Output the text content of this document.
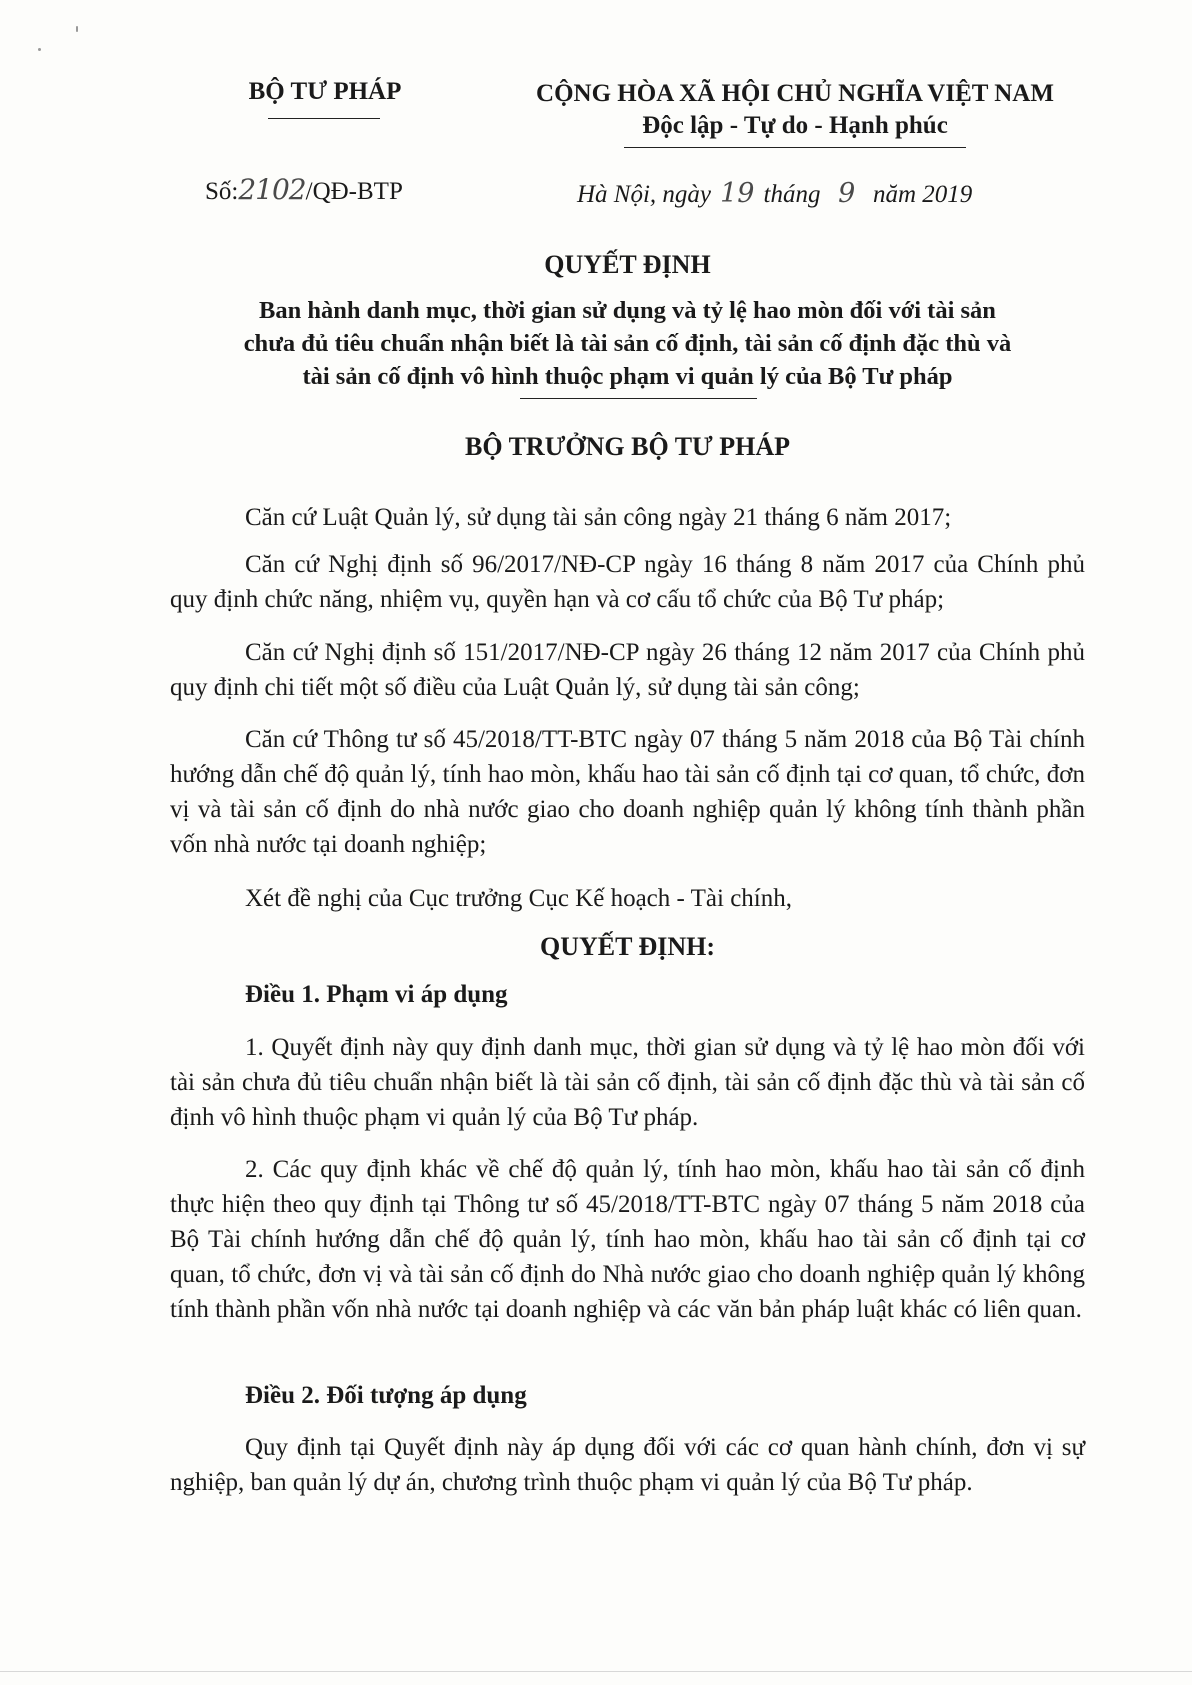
BỘ TƯ PHÁP	CỘNG HÒA XÃ HỘI CHỦ NGHĨA VIỆT NAM
Độc lập - Tự do - Hạnh phúc
Số:2102/QĐ-BTP	Hà Nội, ngày 19 tháng 9 năm 2019
QUYẾT ĐỊNH
Ban hành danh mục, thời gian sử dụng và tỷ lệ hao mòn đối với tài sản
chưa đủ tiêu chuẩn nhận biết là tài sản cố định, tài sản cố định đặc thù và
tài sản cố định vô hình thuộc phạm vi quản lý của Bộ Tư pháp
BỘ TRƯỞNG BỘ TƯ PHÁP
Căn cứ Luật Quản lý, sử dụng tài sản công ngày 21 tháng 6 năm 2017;
Căn cứ Nghị định số 96/2017/NĐ-CP ngày 16 tháng 8 năm 2017 của Chính phủ quy định chức năng, nhiệm vụ, quyền hạn và cơ cấu tổ chức của Bộ Tư pháp;
Căn cứ Nghị định số 151/2017/NĐ-CP ngày 26 tháng 12 năm 2017 của Chính phủ quy định chi tiết một số điều của Luật Quản lý, sử dụng tài sản công;
Căn cứ Thông tư số 45/2018/TT-BTC ngày 07 tháng 5 năm 2018 của Bộ Tài chính hướng dẫn chế độ quản lý, tính hao mòn, khấu hao tài sản cố định tại cơ quan, tổ chức, đơn vị và tài sản cố định do nhà nước giao cho doanh nghiệp quản lý không tính thành phần vốn nhà nước tại doanh nghiệp;
Xét đề nghị của Cục trưởng Cục Kế hoạch - Tài chính,
QUYẾT ĐỊNH:
Điều 1. Phạm vi áp dụng
1. Quyết định này quy định danh mục, thời gian sử dụng và tỷ lệ hao mòn đối với tài sản chưa đủ tiêu chuẩn nhận biết là tài sản cố định, tài sản cố định đặc thù và tài sản cố định vô hình thuộc phạm vi quản lý của Bộ Tư pháp.
2. Các quy định khác về chế độ quản lý, tính hao mòn, khấu hao tài sản cố định thực hiện theo quy định tại Thông tư số 45/2018/TT-BTC ngày 07 tháng 5 năm 2018 của Bộ Tài chính hướng dẫn chế độ quản lý, tính hao mòn, khấu hao tài sản cố định tại cơ quan, tổ chức, đơn vị và tài sản cố định do Nhà nước giao cho doanh nghiệp quản lý không tính thành phần vốn nhà nước tại doanh nghiệp và các văn bản pháp luật khác có liên quan.
Điều 2. Đối tượng áp dụng
Quy định tại Quyết định này áp dụng đối với các cơ quan hành chính, đơn vị sự nghiệp, ban quản lý dự án, chương trình thuộc phạm vi quản lý của Bộ Tư pháp.
